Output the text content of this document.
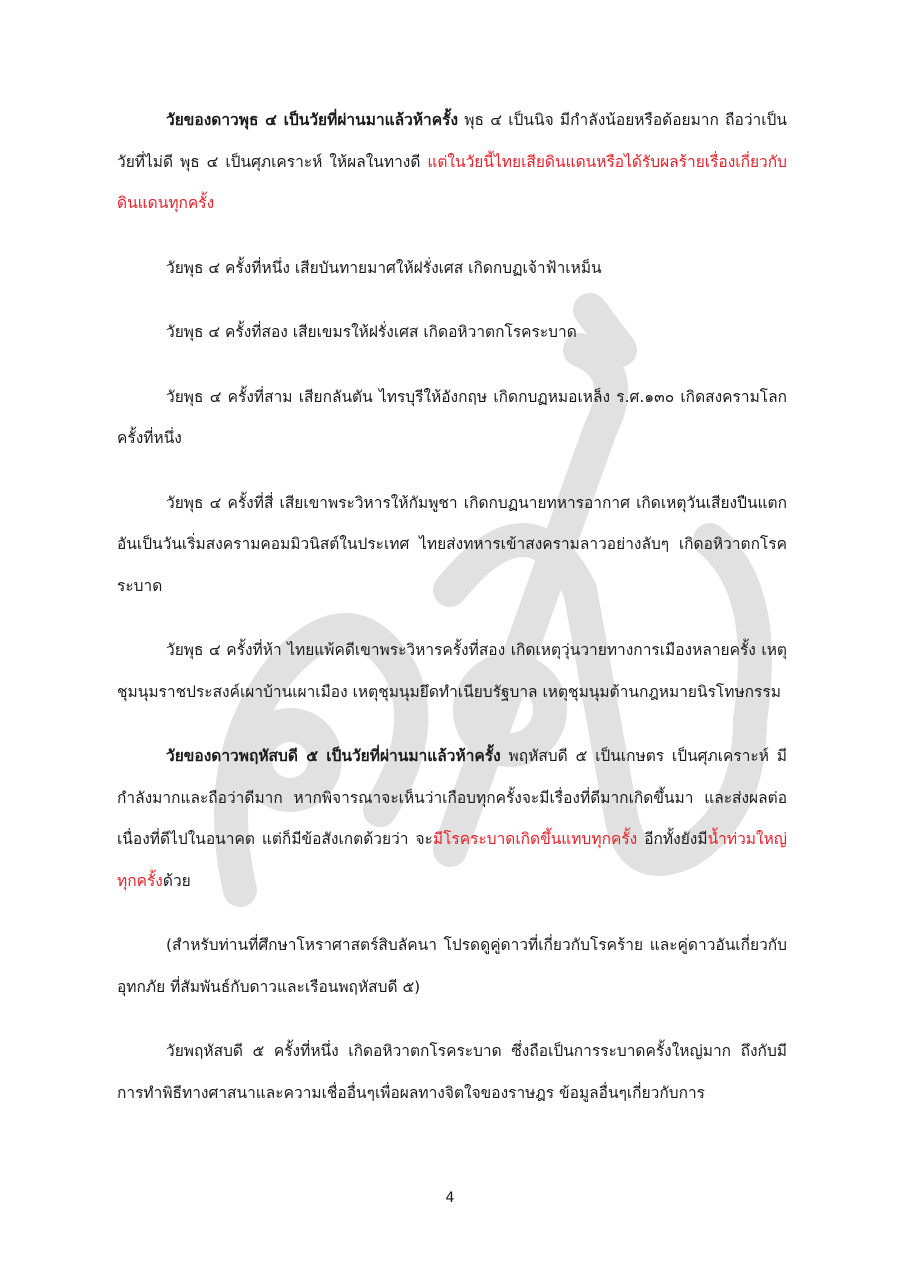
วัยของดาวพุธ ๔ เป็นวัยที่ผ่านมาแล้วห้าครั้ง พุธ ๔ เป็นนิจ มีกำลังน้อยหรือด้อยมาก ถือว่าเป็นวัยที่ไม่ดี พุธ ๔ เป็นศุภเคราะห์ ให้ผลในทางดี แต่ในวัยนี้ไทยเสียดินแดนหรือได้รับผลร้ายเรื่องเกี่ยวกับดินแดนทุกครั้ง

วัยพุธ ๔ ครั้งที่หนึ่ง เสียบันทายมาศให้ฝรั่งเศส เกิดกบฏเจ้าฟ้าเหม็น

วัยพุธ ๔ ครั้งที่สอง เสียเขมรให้ฝรั่งเศส เกิดอหิวาตกโรคระบาด

วัยพุธ ๔ ครั้งที่สาม เสียกลันตัน ไทรบุรีให้อังกฤษ เกิดกบฏหมอเหล็ง ร.ศ.๑๓๐ เกิดสงครามโลกครั้งที่หนึ่ง

วัยพุธ ๔ ครั้งที่สี่ เสียเขาพระวิหารให้กัมพูชา เกิดกบฏนายทหารอากาศ เกิดเหตุวันเสียงปืนแตก อันเป็นวันเริ่มสงครามคอมมิวนิสต์ในประเทศ ไทยส่งทหารเข้าสงครามลาวอย่างลับๆ เกิดอหิวาตกโรคระบาด

วัยพุธ ๔ ครั้งที่ห้า ไทยแพ้คดีเขาพระวิหารครั้งที่สอง เกิดเหตุวุ่นวายทางการเมืองหลายครั้ง เหตุชุมนุมราชประสงค์เผาบ้านเผาเมือง เหตุชุมนุมยึดทำเนียบรัฐบาล เหตุชุมนุมต้านกฎหมายนิรโทษกรรม

วัยของดาวพฤหัสบดี ๕ เป็นวัยที่ผ่านมาแล้วห้าครั้ง พฤหัสบดี ๕ เป็นเกษตร เป็นศุภเคราะห์ มีกำลังมากและถือว่าดีมาก หากพิจารณาจะเห็นว่าเกือบทุกครั้งจะมีเรื่องที่ดีมากเกิดขึ้นมา และส่งผลต่อเนื่องที่ดีไปในอนาคต แต่ก็มีข้อสังเกตด้วยว่า จะมีโรคระบาดเกิดขึ้นแทบทุกครั้ง อีกทั้งยังมีน้ำท่วมใหญ่ทุกครั้งด้วย

(สำหรับท่านที่ศึกษาโหราศาสตร์สิบลัคนา โปรดดูคู่ดาวที่เกี่ยวกับโรคร้าย และคู่ดาวอันเกี่ยวกับอุทกภัย ที่สัมพันธ์กับดาวและเรือนพฤหัสบดี ๕)

วัยพฤหัสบดี ๕ ครั้งที่หนึ่ง เกิดอหิวาตกโรคระบาด ซึ่งถือเป็นการระบาดครั้งใหญ่มาก ถึงกับมีการทำพิธีทางศาสนาและความเชื่ออื่นๆเพื่อผลทางจิตใจของราษฎร ข้อมูลอื่นๆเกี่ยวกับการ

4
